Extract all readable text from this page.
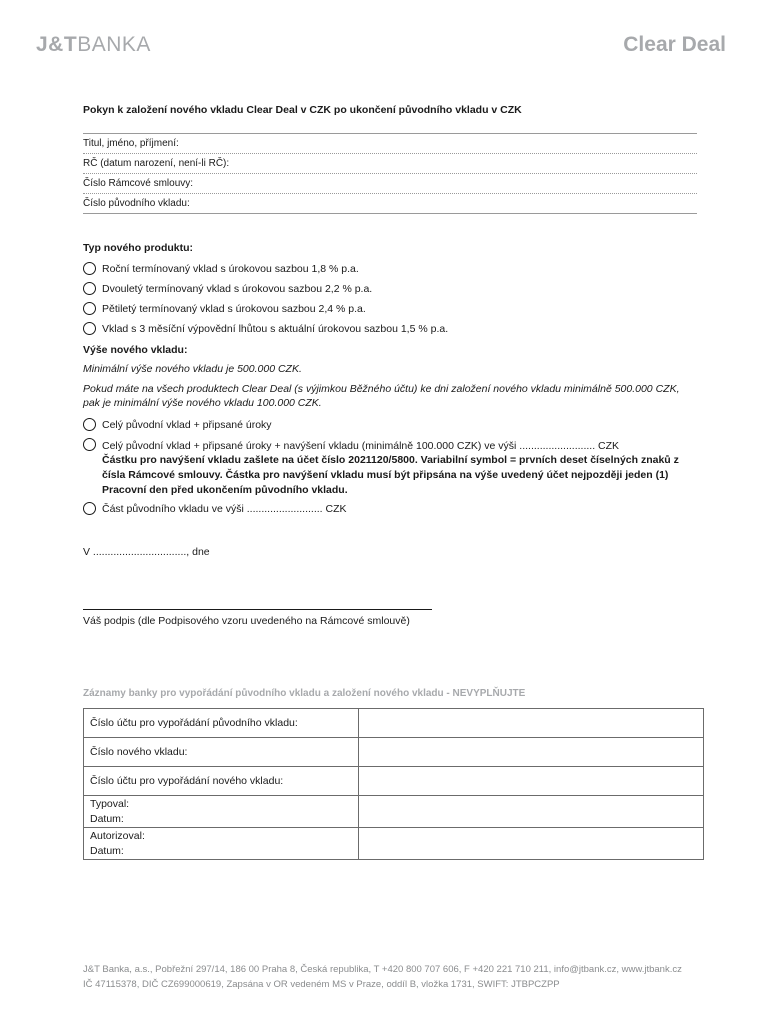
J&TBANKA	Clear Deal
Pokyn k založení nového vkladu Clear Deal v CZK po ukončení původního vkladu v CZK
Titul, jméno, příjmení:
RČ (datum narození, není-li RČ):
Číslo Rámcové smlouvy:
Číslo původního vkladu:
Typ nového produktu:
Roční termínovaný vklad s úrokovou sazbou 1,8 % p.a.
Dvouletý termínovaný vklad s úrokovou sazbou 2,2 % p.a.
Pětiletý termínovaný vklad s úrokovou sazbou 2,4 % p.a.
Vklad s 3 měsíční výpovědní lhůtou s aktuální úrokovou sazbou 1,5 % p.a.
Výše nového vkladu:
Minimální výše nového vkladu je 500.000 CZK.
Pokud máte na všech produktech Clear Deal (s výjimkou Běžného účtu) ke dni založení nového vkladu minimálně 500.000 CZK, pak je minimální výše nového vkladu 100.000 CZK.
Celý původní vklad + připsané úroky
Celý původní vklad + připsané úroky + navýšení vkladu (minimálně 100.000 CZK) ve výši .......................... CZK
Částku pro navýšení vkladu zašlete na účet číslo 2021120/5800. Variabilní symbol = prvních deset číselných znaků z čísla Rámcové smlouvy. Částka pro navýšení vkladu musí být připsána na výše uvedený účet nejpozději jeden (1) Pracovní den před ukončením původního vkladu.
Část původního vkladu ve výši .......................... CZK
V ................................, dne
Váš podpis (dle Podpisového vzoru uvedeného na Rámcové smlouvě)
Záznamy banky pro vypořádání původního vkladu a založení nového vkladu - NEVYPLŇUJTE
Číslo účtu pro vypořádání původního vkladu:	
Číslo nového vkladu:	
Číslo účtu pro vypořádání nového vkladu:	

Typoval:
Datum:	

Autorizoval:
Datum:	

J&T Banka, a.s., Pobřežní 297/14, 186 00 Praha 8, Česká republika, T +420 800 707 606, F +420 221 710 211, info@jtbank.cz, www.jtbank.cz
IČ 47115378, DIČ CZ699000619, Zapsána v OR vedeném MS v Praze, oddíl B, vložka 1731, SWIFT: JTBPCZPP
